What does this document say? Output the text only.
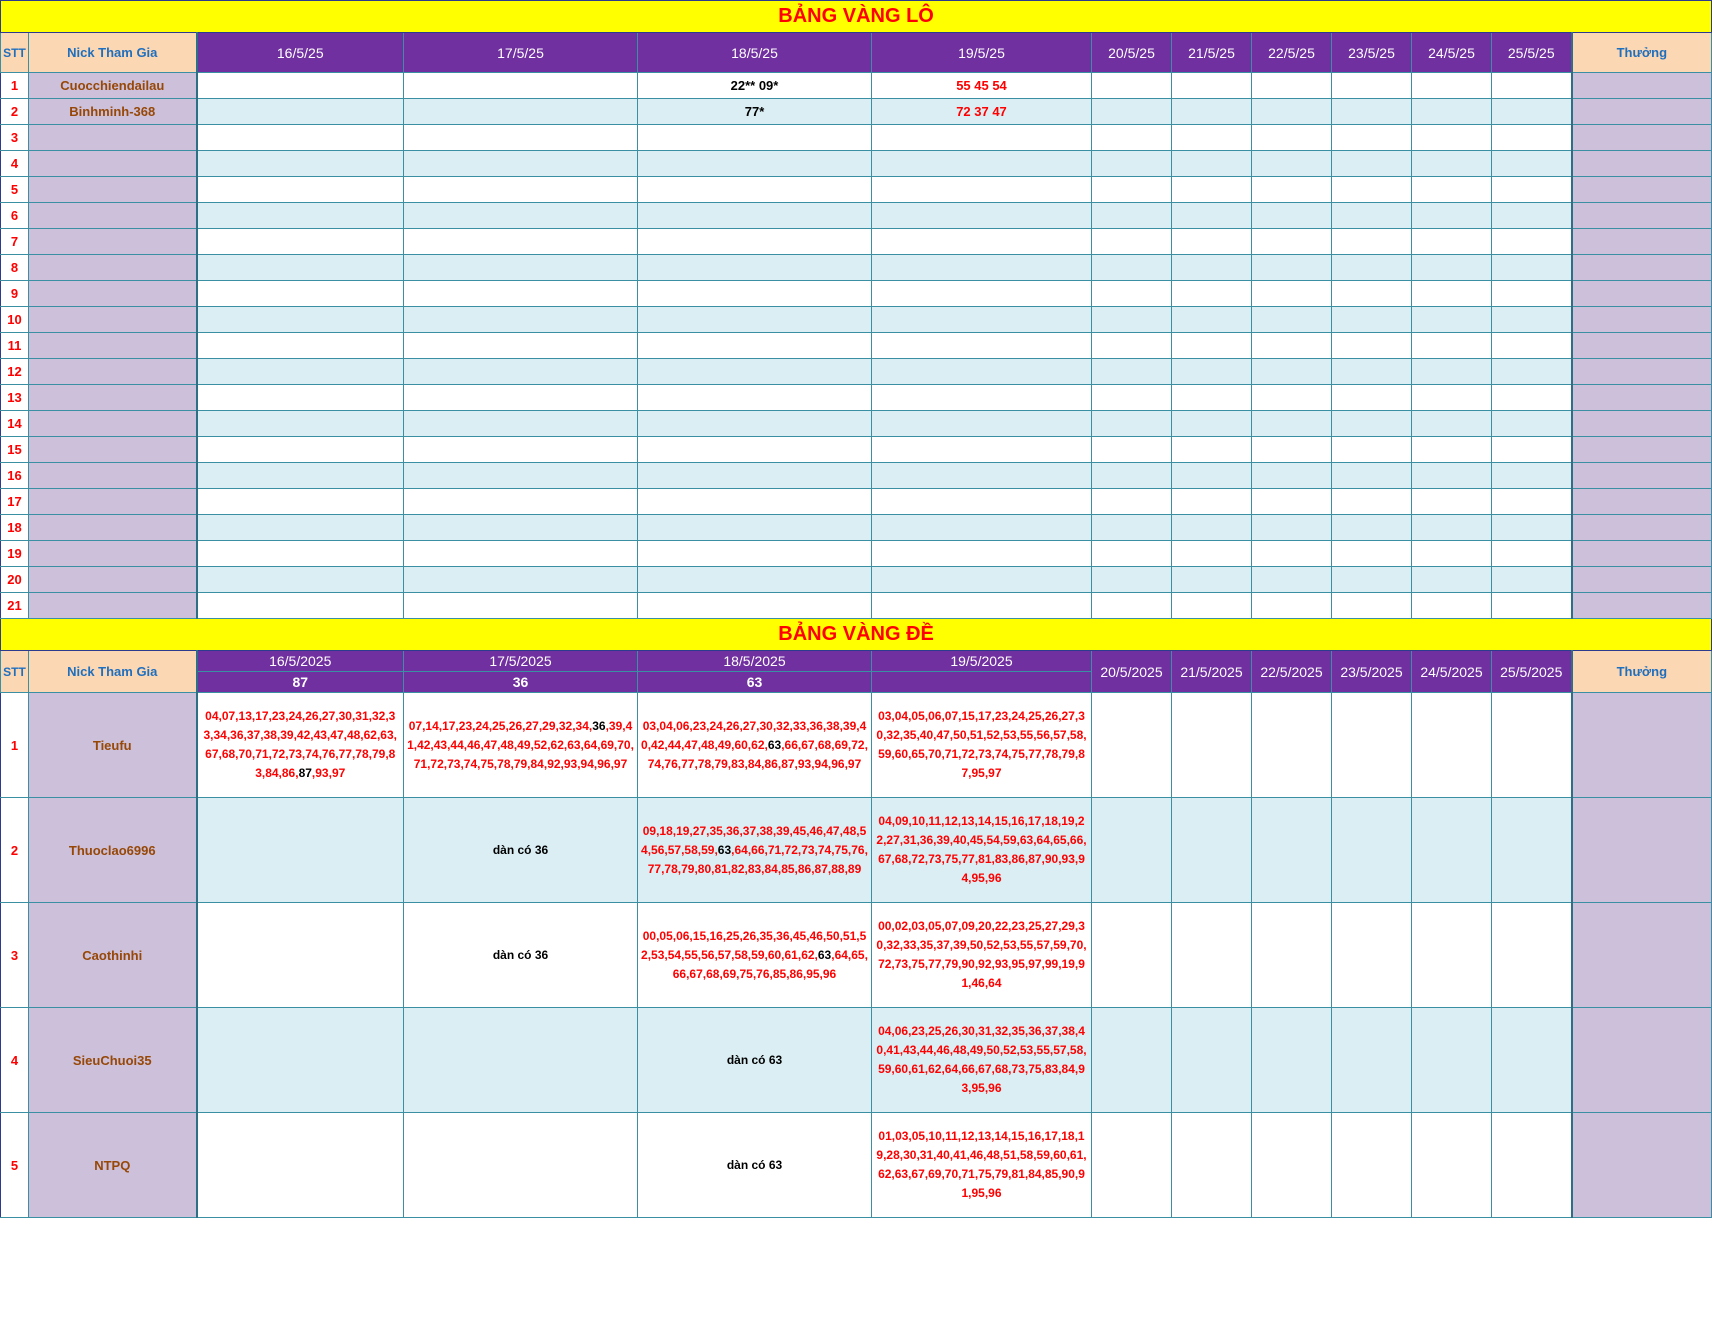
BẢNG VÀNG LÔ												
STT	Nick Tham Gia	16/5/25	17/5/25	18/5/25	19/5/25	20/5/25	21/5/25	22/5/25	23/5/25	24/5/25	25/5/25	Thưởng
1	Cuocchiendailau			22** 09*	55 45 54							
2	Binhminh-368			77*	72 37 47							
3												
4												
5												
6												
7												
8												
9												
10												
11												
12												
13												
14												
15												
16												
17												
18												
19												
20												
21												
BẢNG VÀNG ĐỀ												
STT	Nick Tham Gia	16/5/2025	17/5/2025	18/5/2025	19/5/2025	20/5/2025	21/5/2025	22/5/2025	23/5/2025	24/5/2025	25/5/2025	Thưởng
		87	36	63								
1	Tieufu	04,07,13,17,23,24,26,27,30,31,32,33,34,36,37,38,39,42,43,47,48,62,63,67,68,70,71,72,73,74,76,77,78,79,83,84,86,87,93,97	07,14,17,23,24,25,26,27,29,32,34,36,39,41,42,43,44,46,47,48,49,52,62,63,64,69,70,71,72,73,74,75,78,79,84,92,93,94,96,97	03,04,06,23,24,26,27,30,32,33,36,38,39,40,42,44,47,48,49,60,62,63,66,67,68,69,72,74,76,77,78,79,83,84,86,87,93,94,96,97	03,04,05,06,07,15,17,23,24,25,26,27,30,32,35,40,47,50,51,52,53,55,56,57,58,59,60,65,70,71,72,73,74,75,77,78,79,87,95,97							
2	Thuoclao6996		dàn có 36	09,18,19,27,35,36,37,38,39,45,46,47,48,54,56,57,58,59,63,64,66,71,72,73,74,75,76,77,78,79,80,81,82,83,84,85,86,87,88,89	04,09,10,11,12,13,14,15,16,17,18,19,22,27,31,36,39,40,45,54,59,63,64,65,66,67,68,72,73,75,77,81,83,86,87,90,93,94,95,96							
3	Caothinhi		dàn có 36	00,05,06,15,16,25,26,35,36,45,46,50,51,52,53,54,55,56,57,58,59,60,61,62,63,64,65,66,67,68,69,75,76,85,86,95,96	00,02,03,05,07,09,20,22,23,25,27,29,30,32,33,35,37,39,50,52,53,55,57,59,70,72,73,75,77,79,90,92,93,95,97,99,19,91,46,64							
4	SieuChuoi35			dàn có 63	04,06,23,25,26,30,31,32,35,36,37,38,40,41,43,44,46,48,49,50,52,53,55,57,58,59,60,61,62,64,66,67,68,73,75,83,84,93,95,96							
5	NTPQ			dàn có 63	01,03,05,10,11,12,13,14,15,16,17,18,19,28,30,31,40,41,46,48,51,58,59,60,61,62,63,67,69,70,71,75,79,81,84,85,90,91,95,96							
